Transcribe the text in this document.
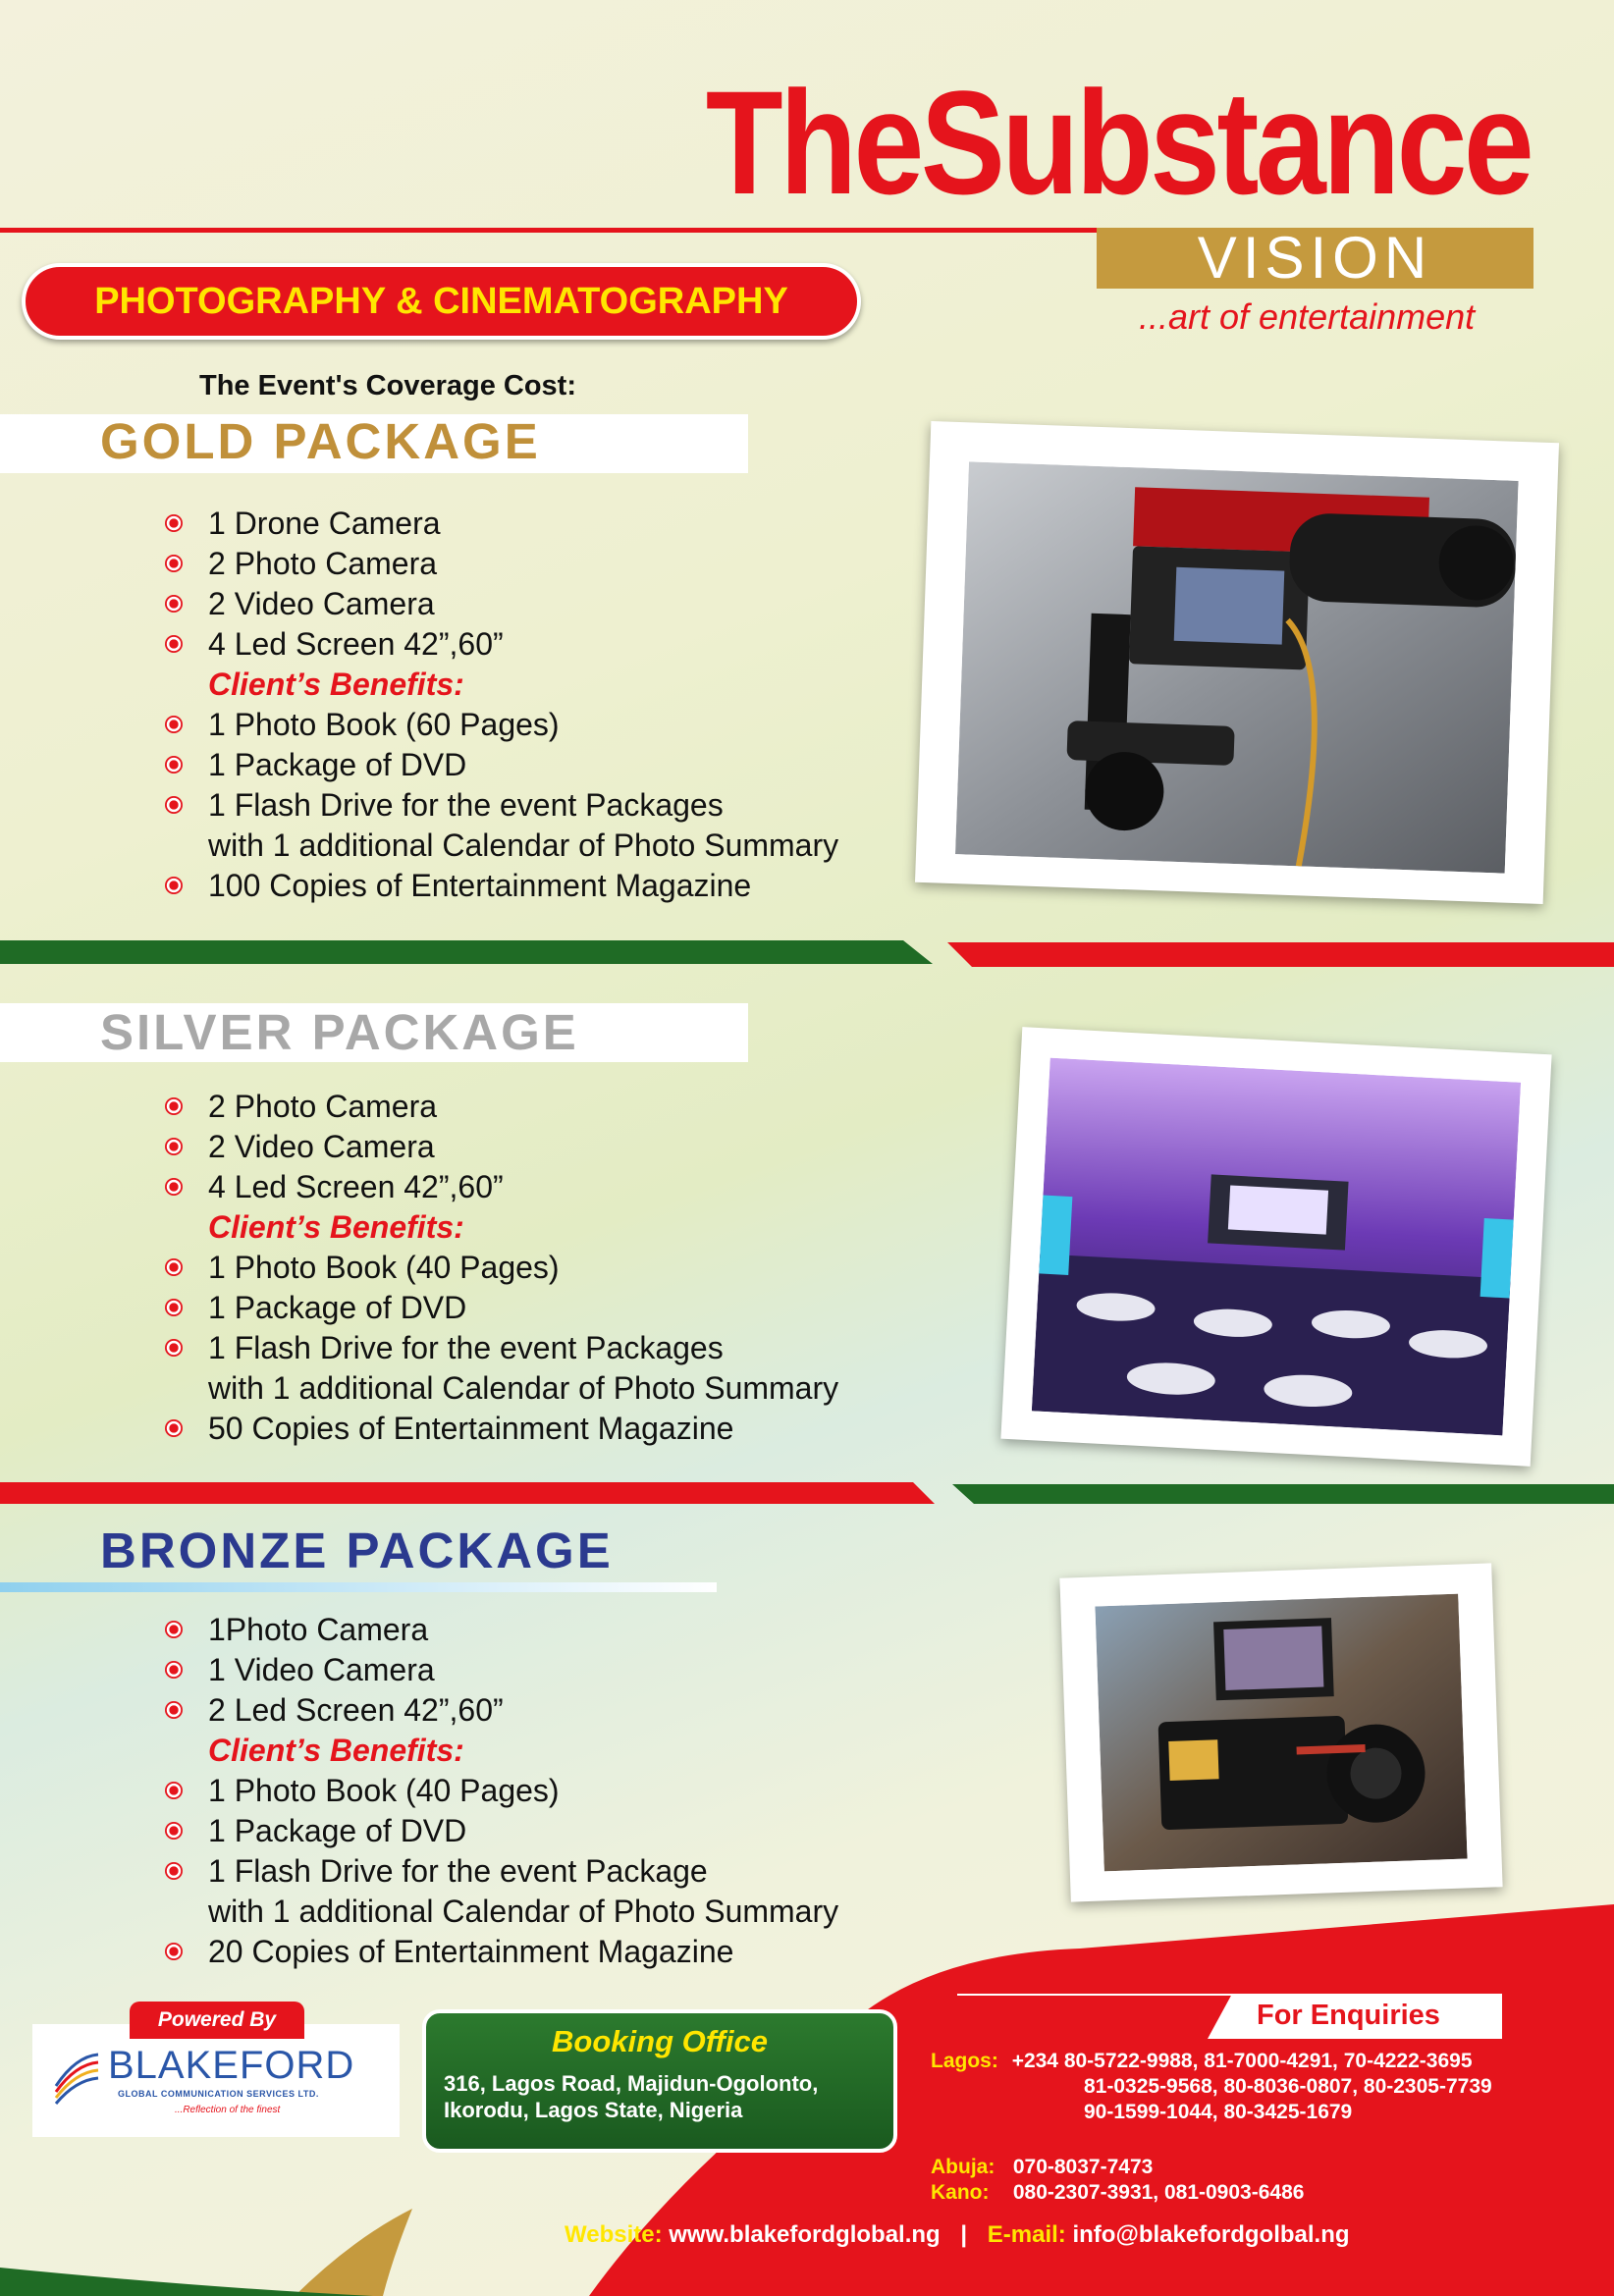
TheSubstance
VISION
...art of entertainment
PHOTOGRAPHY & CINEMATOGRAPHY
The Event's Coverage Cost:
GOLD PACKAGE
1 Drone Camera
2 Photo Camera
2 Video Camera
4 Led Screen 42”,60”
Client’s Benefits:
1 Photo Book (60 Pages)
1 Package of DVD
1 Flash Drive for the event Packages
with 1 additional Calendar of Photo Summary
100 Copies of Entertainment Magazine
SILVER PACKAGE
2 Photo Camera
2 Video Camera
4 Led Screen 42”,60”
Client’s Benefits:
1 Photo Book (40 Pages)
1 Package of DVD
1 Flash Drive for the event Packages
with 1 additional Calendar of Photo Summary
50 Copies of Entertainment Magazine
BRONZE PACKAGE
1Photo Camera
1 Video Camera
2 Led Screen 42”,60”
Client’s Benefits:
1 Photo Book (40 Pages)
1 Package of DVD
1 Flash Drive for the event Package
with 1 additional Calendar of Photo Summary
20 Copies of Entertainment Magazine
Powered By
BLAKEFORD
GLOBAL COMMUNICATION SERVICES LTD.
...Reflection of the finest
Booking Office
316, Lagos Road, Majidun-Ogolonto,
Ikorodu, Lagos State, Nigeria
For Enquiries
Lagos: +234 80-5722-9988, 81-7000-4291, 70-4222-3695
81-0325-9568, 80-8036-0807, 80-2305-7739
90-1599-1044, 80-3425-1679
Abuja: 070-8037-7473
Kano: 080-2307-3931, 081-0903-6486
Website: www.blakefordglobal.ng | E-mail: info@blakefordgolbal.ng
